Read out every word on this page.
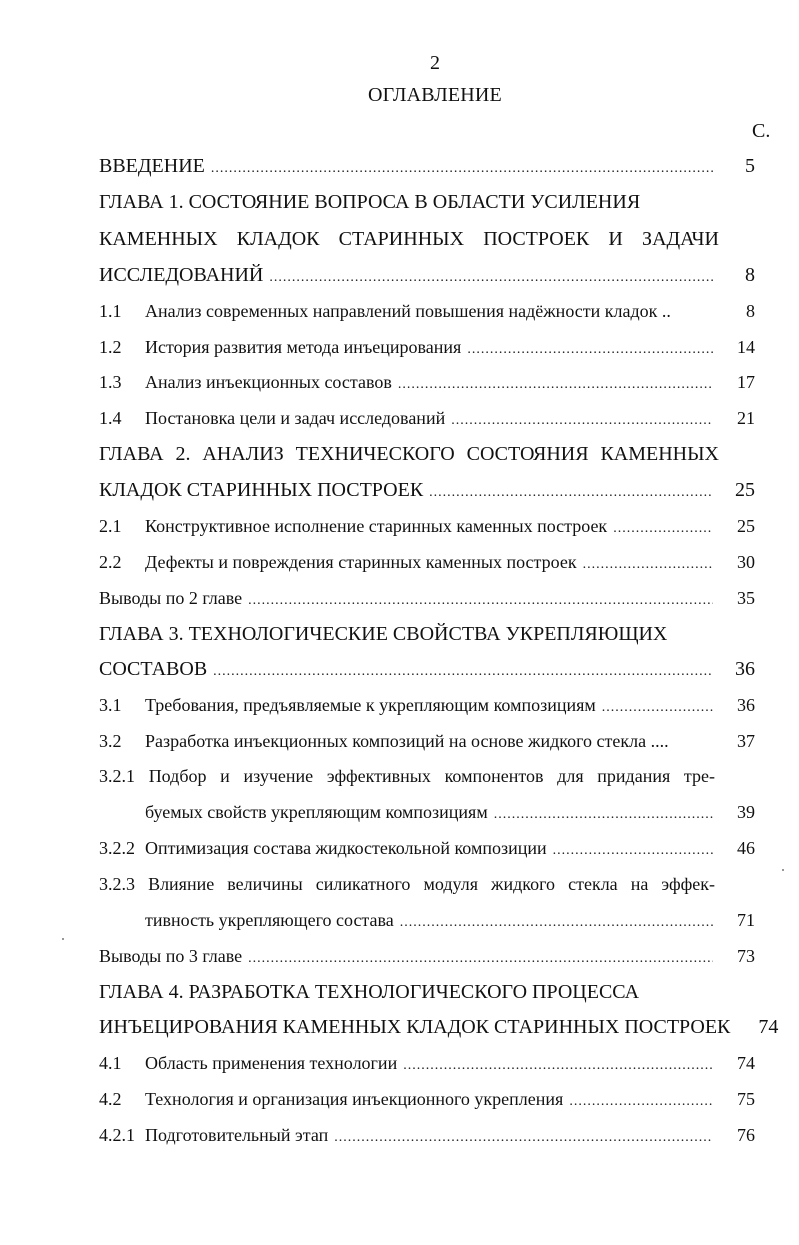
2
ОГЛАВЛЕНИЕ
С.
ВВЕДЕНИЕ .....	5
ГЛАВА 1. СОСТОЯНИЕ ВОПРОСА В ОБЛАСТИ УСИЛЕНИЯ
КАМЕННЫХ КЛАДОК СТАРИННЫХ ПОСТРОЕК И ЗАДАЧИ
ИССЛЕДОВАНИЙ .....	8
1.1	Анализ современных направлений повышения надёжности кладок ..	8
1.2	История развития метода инъецирования .....	14
1.3	Анализ инъекционных составов .....	17
1.4	Постановка цели и задач исследований .....	21
ГЛАВА 2. АНАЛИЗ ТЕХНИЧЕСКОГО СОСТОЯНИЯ КАМЕННЫХ
КЛАДОК СТАРИННЫХ ПОСТРОЕК .....	25
2.1	Конструктивное исполнение старинных каменных построек .....	25
2.2	Дефекты и повреждения старинных каменных построек .....	30
Выводы по 2 главе .....	35
ГЛАВА 3. ТЕХНОЛОГИЧЕСКИЕ СВОЙСТВА УКРЕПЛЯЮЩИХ
СОСТАВОВ .....	36
3.1	Требования, предъявляемые к укрепляющим композициям .....	36
3.2	Разработка инъекционных композиций на основе жидкого стекла ....	37
3.2.1 Подбор и изучение эффективных компонентов для придания тре-
буемых свойств укрепляющим композициям .....	39
3.2.2 Оптимизация состава жидкостекольной композиции .....	46
3.2.3 Влияние величины силикатного модуля жидкого стекла на эффек-
тивность укрепляющего состава .....	71
Выводы по 3 главе .....	73
ГЛАВА 4. РАЗРАБОТКА ТЕХНОЛОГИЧЕСКОГО ПРОЦЕССА
ИНЪЕЦИРОВАНИЯ КАМЕННЫХ КЛАДОК СТАРИННЫХ ПОСТРОЕК	74
4.1	Область применения технологии .....	74
4.2	Технология и организация инъекционного укрепления .....	75
4.2.1 Подготовительный этап .....	76
